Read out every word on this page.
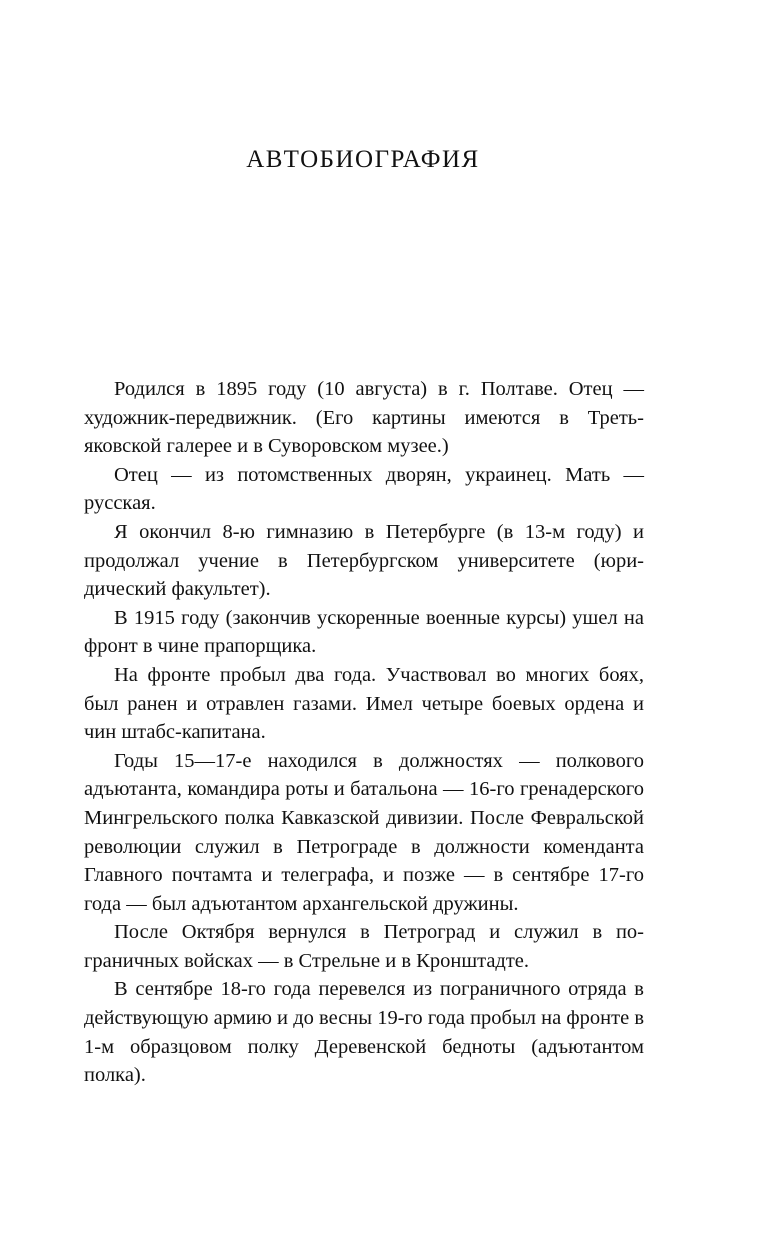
АВТОБИОГРАФИЯ

Родился в 1895 году (10 августа) в г. Полтаве. Отец — художник-передвижник. (Его картины имеются в Третьяковской галерее и в Суворовском музее.)

Отец — из потомственных дворян, украинец. Мать — русская.

Я окончил 8-ю гимназию в Петербурге (в 13-м году) и продолжал учение в Петербургском университете (юридический факультет).

В 1915 году (закончив ускоренные военные курсы) ушел на фронт в чине прапорщика.

На фронте пробыл два года. Участвовал во многих боях, был ранен и отравлен газами. Имел четыре боевых ордена и чин штабс-капитана.

Годы 15—17-е находился в должностях — полкового адъютанта, командира роты и батальона — 16-го гренадерского Мингрельского полка Кавказской дивизии. После Февральской революции служил в Петрограде в должности коменданта Главного почтамта и телеграфа, и позже — в сентябре 17-го года — был адъютантом архангельской дружины.

После Октября вернулся в Петроград и служил в пограничных войсках — в Стрельне и в Кронштадте.

В сентябре 18-го года перевелся из пограничного отряда в действующую армию и до весны 19-го года пробыл на фронте в 1-м образцовом полку Деревенской бедноты (адъютантом полка).
